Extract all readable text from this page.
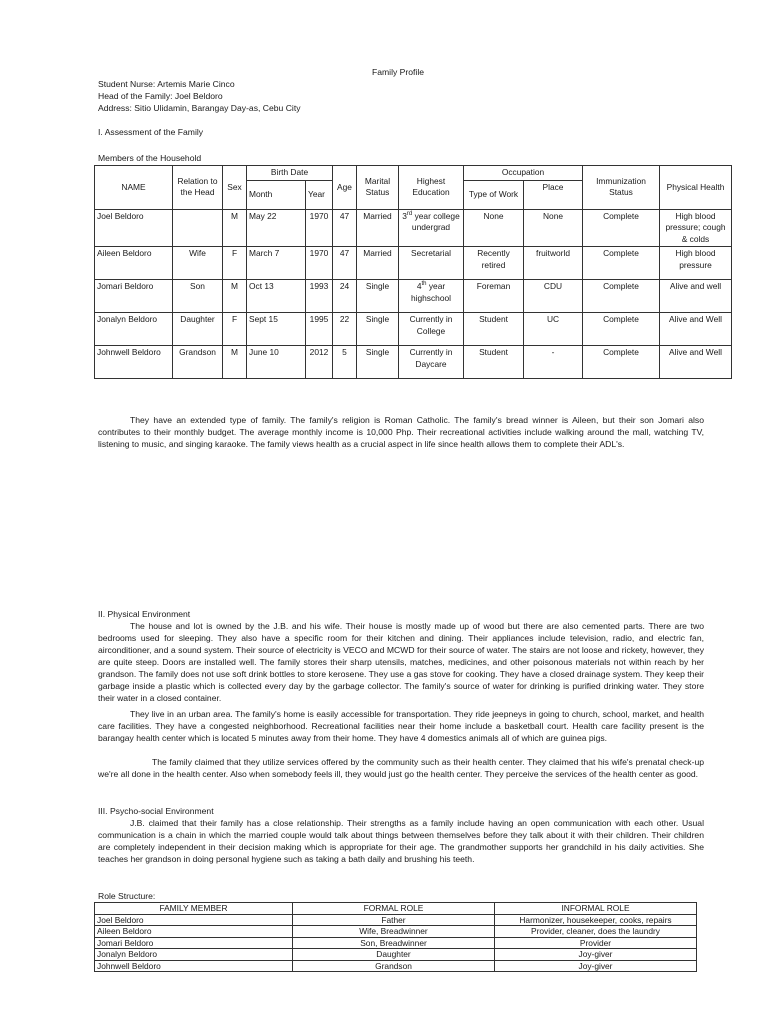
Family Profile
Student Nurse: Artemis Marie Cinco
Head of the Family: Joel Beldoro
Address: Sitio Ulidamin, Barangay Day-as, Cebu City
I. Assessment of the Family
Members of the Household
NAME	Relation to the Head	Sex	Birth Date		Age	Marital Status	Highest Education	Occupation		Immunization Status	Physical Health
			Month	Year				Type of Work	Place		
Joel Beldoro		M	May 22	1970	47	Married	3rd year college undergrad	None	None	Complete	High blood pressure; cough & colds
Aileen Beldoro	Wife	F	March 7	1970	47	Married	Secretarial	Recently retired	fruitworld	Complete	High blood pressure
Jomari Beldoro	Son	M	Oct 13	1993	24	Single	4th year highschool	Foreman	CDU	Complete	Alive and well
Jonalyn Beldoro	Daughter	F	Sept 15	1995	22	Single	Currently in College	Student	UC	Complete	Alive and Well
Johnwell Beldoro	Grandson	M	June 10	2012	5	Single	Currently in Daycare	Student	-	Complete	Alive and Well
They have an extended type of family. The family's religion is Roman Catholic. The family's bread winner is Aileen, but their son Jomari also contributes to their monthly budget. The average monthly income is 10,000 Php. Their recreational activities include walking around the mall, watching TV, listening to music, and singing karaoke. The family views health as a crucial aspect in life since health allows them to complete their ADL's.
II. Physical Environment
The house and lot is owned by the J.B. and his wife. Their house is mostly made up of wood but there are also cemented parts. There are two bedrooms used for sleeping. They also have a specific room for their kitchen and dining. Their appliances include television, radio, and electric fan, airconditioner, and a sound system. Their source of electricity is VECO and MCWD for their source of water. The stairs are not loose and rickety, however, they are quite steep. Doors are installed well. The family stores their sharp utensils, matches, medicines, and other poisonous materials not within reach by her grandson. The family does not use soft drink bottles to store kerosene. They use a gas stove for cooking. They have a closed drainage system. They keep their garbage inside a plastic which is collected every day by the garbage collector. The family's source of water for drinking is purified drinking water. They store their water in a closed container.
They live in an urban area. The family's home is easily accessible for transportation. They ride jeepneys in going to church, school, market, and health care facilities. They have a congested neighborhood. Recreational facilities near their home include a basketball court. Health care facility present is the barangay health center which is located 5 minutes away from their home. They have 4 domestics animals all of which are guinea pigs.
The family claimed that they utilize services offered by the community such as their health center. They claimed that his wife's prenatal check-up we're all done in the health center. Also when somebody feels ill, they would just go the health center. They perceive the services of the health center as good.
III. Psycho-social Environment
J.B. claimed that their family has a close relationship. Their strengths as a family include having an open communication with each other. Usual communication is a chain in which the married couple would talk about things between themselves before they talk about it with their children. Their children are completely independent in their decision making which is appropriate for their age. The grandmother supports her grandchild in his daily activities. She teaches her grandson in doing personal hygiene such as taking a bath daily and brushing his teeth.
Role Structure:
FAMILY MEMBER	FORMAL ROLE	INFORMAL ROLE
Joel Beldoro	Father	Harmonizer, housekeeper, cooks, repairs
Aileen Beldoro	Wife, Breadwinner	Provider, cleaner, does the laundry
Jomari Beldoro	Son, Breadwinner	Provider
Jonalyn Beldoro	Daughter	Joy-giver
Johnwell Beldoro	Grandson	Joy-giver
